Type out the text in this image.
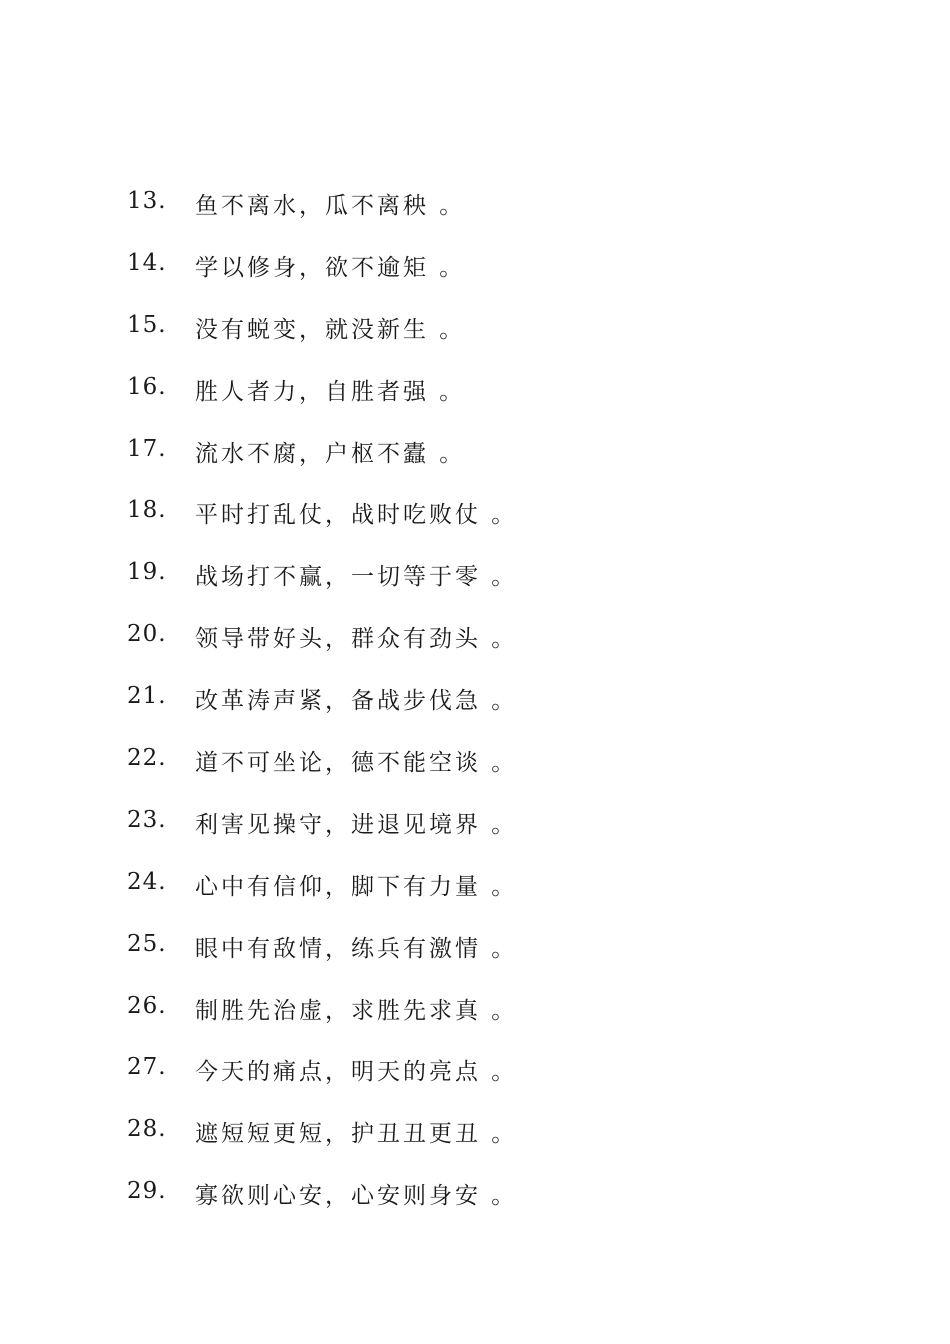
13. 鱼不离水，瓜不离秧 。
14. 学以修身，欲不逾矩 。
15. 没有蜕变，就没新生 。
16. 胜人者力，自胜者强 。
17. 流水不腐，户枢不蠹 。
18. 平时打乱仗，战时吃败仗 。
19. 战场打不赢，一切等于零 。
20. 领导带好头，群众有劲头 。
21. 改革涛声紧，备战步伐急 。
22. 道不可坐论，德不能空谈 。
23. 利害见操守，进退见境界 。
24. 心中有信仰，脚下有力量 。
25. 眼中有敌情，练兵有激情 。
26. 制胜先治虚，求胜先求真 。
27. 今天的痛点，明天的亮点 。
28. 遮短短更短，护丑丑更丑 。
29. 寡欲则心安，心安则身安 。
